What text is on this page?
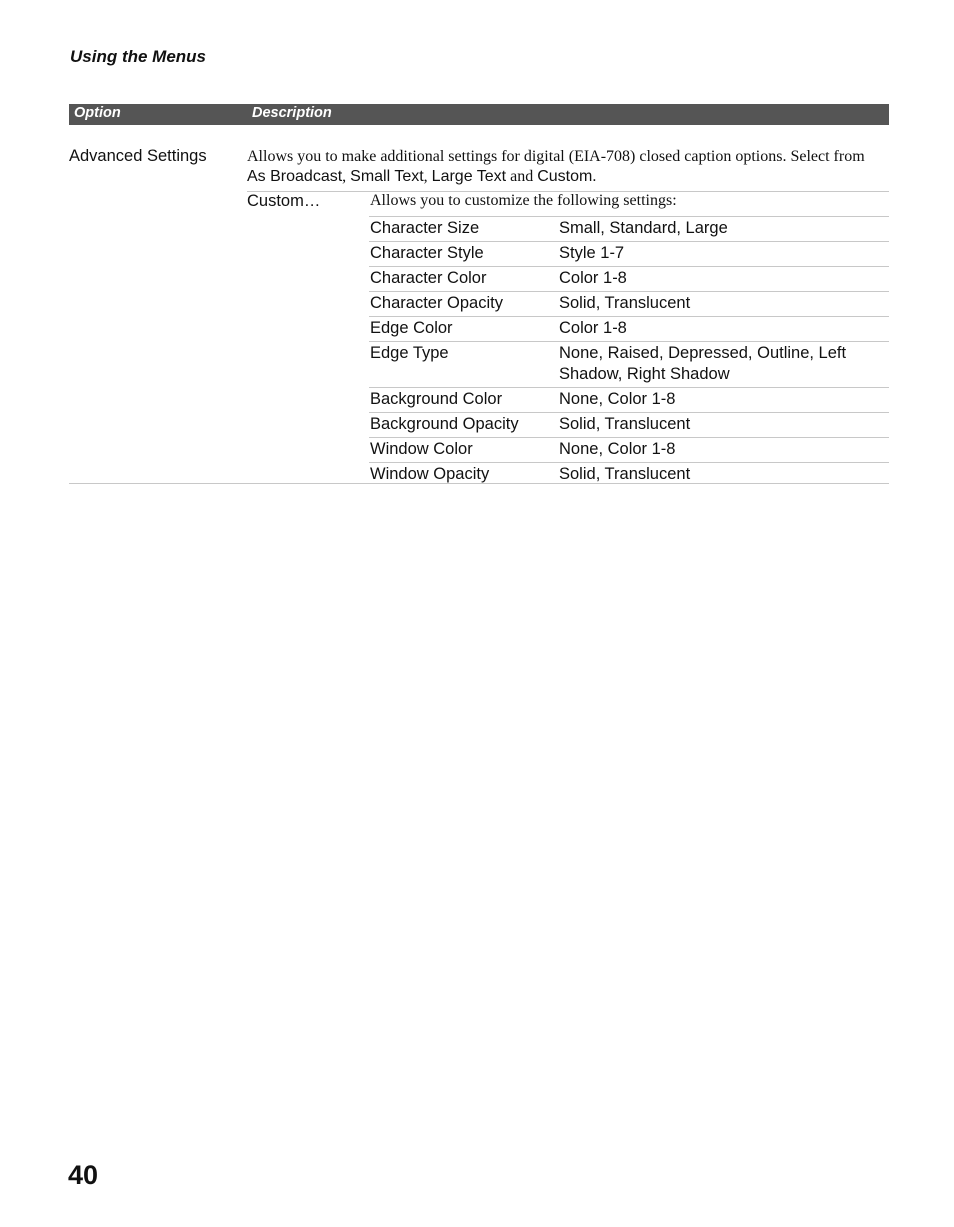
Using the Menus
Option	Description
Advanced Settings	Allows you to make additional settings for digital (EIA-708) closed caption options. Select from As Broadcast, Small Text, Large Text and Custom.
Custom…	Allows you to customize the following settings:
Character Size	Small, Standard, Large
Character Style	Style 1-7
Character Color	Color 1-8
Character Opacity	Solid, Translucent
Edge Color	Color 1-8
Edge Type	None, Raised, Depressed, Outline, Left Shadow, Right Shadow
Background Color	None, Color 1-8
Background Opacity Solid, Translucent
Window Color	None, Color 1-8
Window Opacity	Solid, Translucent
40
